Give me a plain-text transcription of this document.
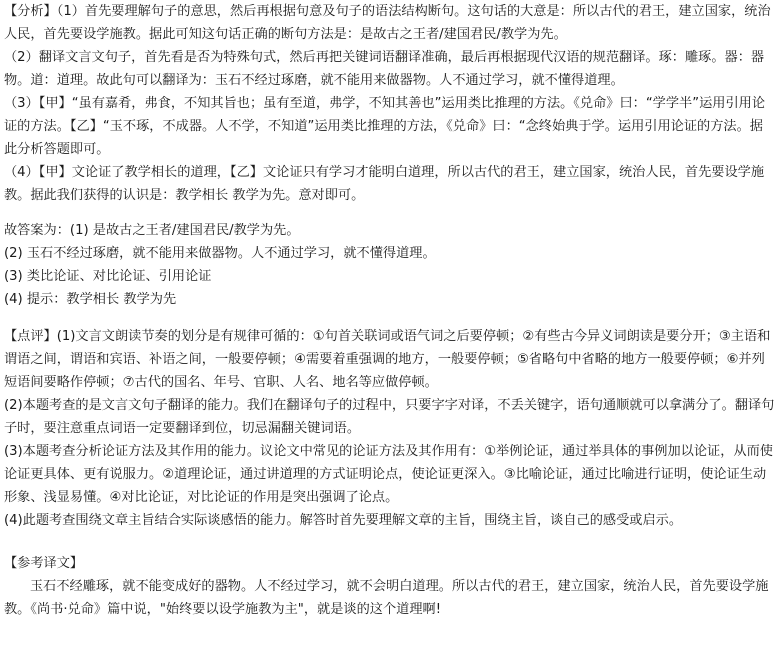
【分析】（1）首先要理解句子的意思，然后再根据句意及句子的语法结构断句。这句话的大意是：所以古代的君王，建立国家，统治人民，首先要设学施教。据此可知这句话正确的断句方法是：是故古之王者/建国君民/教学为先。

（2）翻译文言文句子，首先看是否为特殊句式，然后再把关键词语翻译准确，最后再根据现代汉语的规范翻译。琢：雕琢。器：器物。道：道理。故此句可以翻译为：玉石不经过琢磨，就不能用来做器物。人不通过学习，就不懂得道理。

（3）【甲】“虽有嘉肴，弗食，不知其旨也；虽有至道，弗学，不知其善也”运用类比推理的方法。《兑命》曰：“学学半”运用引用论证的方法。【乙】“玉不琢，不成器。人不学，不知道”运用类比推理的方法，《兑命》曰：“念终始典于学。运用引用论证的方法。据此分析答题即可。

（4）【甲】文论证了教学相长的道理，【乙】文论证只有学习才能明白道理，所以古代的君王，建立国家，统治人民，首先要设学施教。据此我们获得的认识是：教学相长 教学为先。意对即可。

故答案为：(1) 是故古之王者/建国君民/教学为先。

(2) 玉石不经过琢磨，就不能用来做器物。人不通过学习，就不懂得道理。

(3) 类比论证、对比论证、引用论证

(4) 提示：教学相长 教学为先

【点评】(1)文言文朗读节奏的划分是有规律可循的：①句首关联词或语气词之后要停顿；②有些古今异义词朗读是要分开；③主语和谓语之间，谓语和宾语、补语之间，一般要停顿；④需要着重强调的地方，一般要停顿；⑤省略句中省略的地方一般要停顿；⑥并列短语间要略作停顿；⑦古代的国名、年号、官职、人名、地名等应做停顿。

(2)本题考查的是文言文句子翻译的能力。我们在翻译句子的过程中，只要字字对译，不丢关键字，语句通顺就可以拿满分了。翻译句子时，要注意重点词语一定要翻译到位，切忌漏翻关键词语。

(3)本题考查分析论证方法及其作用的能力。议论文中常见的论证方法及其作用有：①举例论证，通过举具体的事例加以论证，从而使论证更具体、更有说服力。②道理论证，通过讲道理的方式证明论点，使论证更深入。③比喻论证，通过比喻进行证明，使论证生动形象、浅显易懂。④对比论证，对比论证的作用是突出强调了论点。

(4)此题考查围绕文章主旨结合实际谈感悟的能力。解答时首先要理解文章的主旨，围绕主旨，谈自己的感受或启示。

【参考译文】

玉石不经雕琢，就不能变成好的器物。人不经过学习，就不会明白道理。所以古代的君王，建立国家，统治人民，首先要设学施教。《尚书·兑命》篇中说，"始终要以设学施教为主"，就是谈的这个道理啊!
